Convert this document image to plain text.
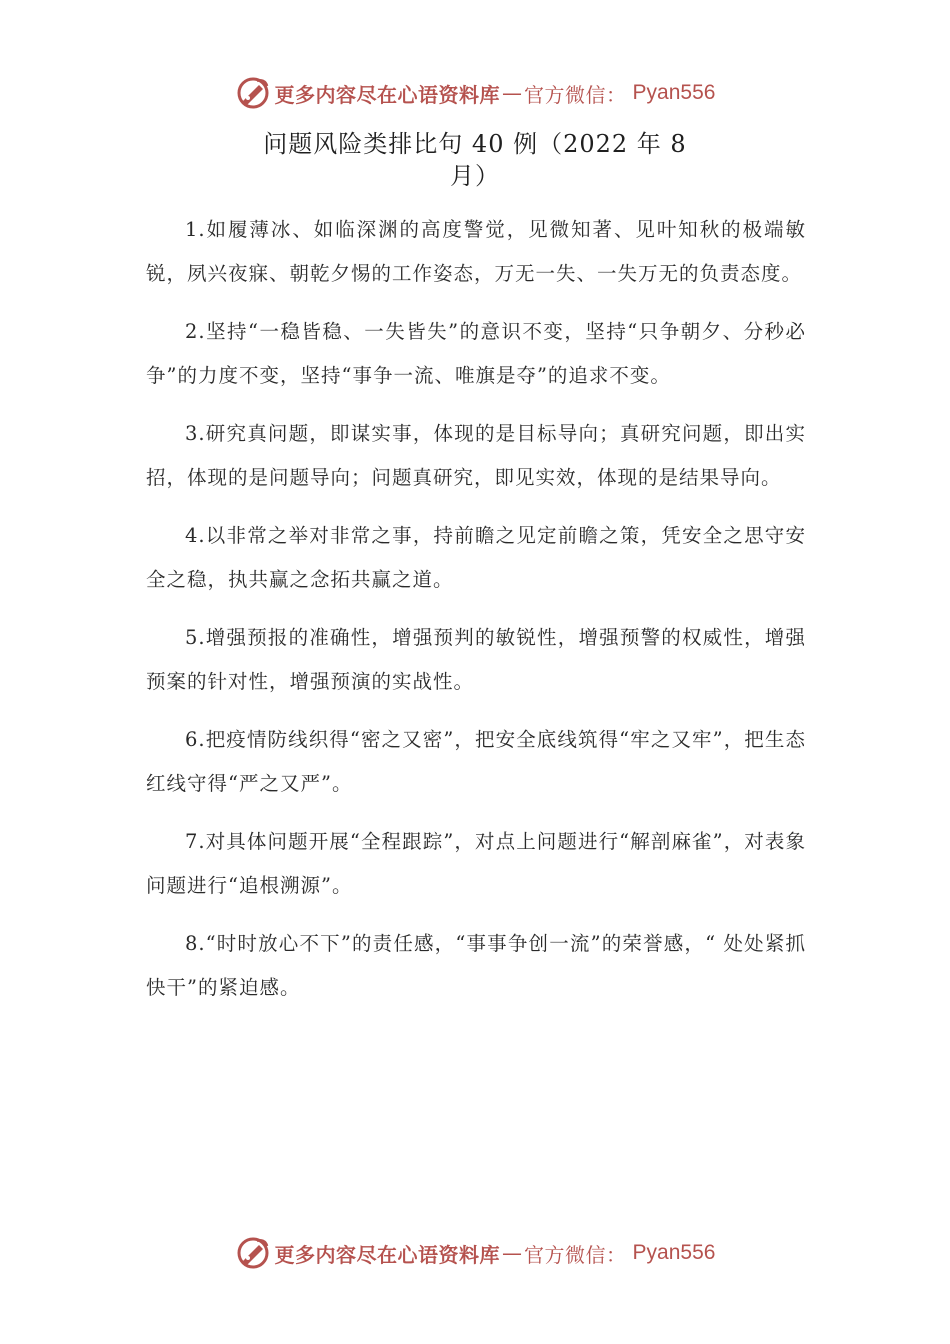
更多内容尽在心语资料库 — 官方微信： Pyan556
问题风险类排比句 40 例（2022 年 8 月）

1.如履薄冰、如临深渊的高度警觉，见微知著、见叶知秋的极端敏锐，夙兴夜寐、朝乾夕惕的工作姿态，万无一失、一失万无的负责态度。

2.坚持“一稳皆稳、一失皆失”的意识不变，坚持“只争朝夕、分秒必争”的力度不变，坚持“事争一流、唯旗是夺”的追求不变。

3.研究真问题，即谋实事，体现的是目标导向；真研究问题，即出实招，体现的是问题导向；问题真研究，即见实效，体现的是结果导向。

4.以非常之举对非常之事，持前瞻之见定前瞻之策，凭安全之思守安全之稳，执共赢之念拓共赢之道。

5.增强预报的准确性，增强预判的敏锐性，增强预警的权威性，增强预案的针对性，增强预演的实战性。

6.把疫情防线织得“密之又密”，把安全底线筑得“牢之又牢”，把生态红线守得“严之又严”。

7.对具体问题开展“全程跟踪”，对点上问题进行“解剖麻雀”，对表象问题进行“追根溯源”。

8.“时时放心不下”的责任感，“事事争创一流”的荣誉感，“ 处处紧抓快干”的紧迫感。

更多内容尽在心语资料库 — 官方微信： Pyan556
